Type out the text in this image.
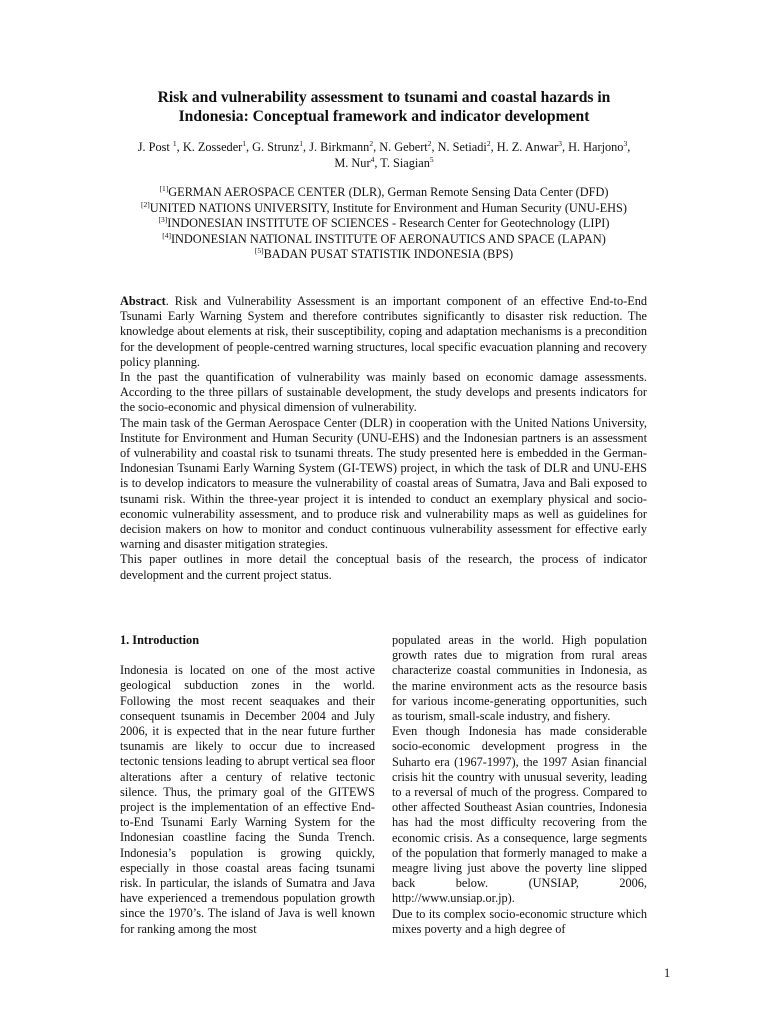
Risk and vulnerability assessment to tsunami and coastal hazards in
Indonesia: Conceptual framework and indicator development
J. Post $^1$, K. Zosseder$^1$, G. Strunz$^1$, J. Birkmann$^2$, N. Gebert$^2$, N. Setiadi$^2$, H. Z. Anwar$^3$, H. Harjono$^3$,
M. Nur$^4$, T. Siagian$^5$
[1]GERMAN AEROSPACE CENTER (DLR), German Remote Sensing Data Center (DFD)
[2]UNITED NATIONS UNIVERSITY, Institute for Environment and Human Security (UNU-EHS)
[3]INDONESIAN INSTITUTE OF SCIENCES - Research Center for Geotechnology (LIPI)
[4]INDONESIAN NATIONAL INSTITUTE OF AERONAUTICS AND SPACE (LAPAN)
[5]BADAN PUSAT STATISTIK INDONESIA (BPS)

Abstract. Risk and Vulnerability Assessment is an important component of an effective End-to-End Tsunami Early Warning System and therefore contributes significantly to disaster risk reduction. The knowledge about elements at risk, their susceptibility, coping and adaptation mechanisms is a precondition for the development of people-centred warning structures, local specific evacuation planning and recovery policy planning.

In the past the quantification of vulnerability was mainly based on economic damage assessments. According to the three pillars of sustainable development, the study develops and presents indicators for the socio-economic and physical dimension of vulnerability.

The main task of the German Aerospace Center (DLR) in cooperation with the United Nations University, Institute for Environment and Human Security (UNU-EHS) and the Indonesian partners is an assessment of vulnerability and coastal risk to tsunami threats. The study presented here is embedded in the German-Indonesian Tsunami Early Warning System (GI-TEWS) project, in which the task of DLR and UNU-EHS is to develop indicators to measure the vulnerability of coastal areas of Sumatra, Java and Bali exposed to tsunami risk. Within the three-year project it is intended to conduct an exemplary physical and socio-economic vulnerability assessment, and to produce risk and vulnerability maps as well as guidelines for decision makers on how to monitor and conduct continuous vulnerability assessment for effective early warning and disaster mitigation strategies.

This paper outlines in more detail the conceptual basis of the research, the process of indicator development and the current project status.

1. Introduction

Indonesia is located on one of the most active geological subduction zones in the world. Following the most recent seaquakes and their consequent tsunamis in December 2004 and July 2006, it is expected that in the near future further tsunamis are likely to occur due to increased tectonic tensions leading to abrupt vertical sea floor alterations after a century of relative tectonic silence. Thus, the primary goal of the GITEWS project is the implementation of an effective End-to-End Tsunami Early Warning System for the Indonesian coastline facing the Sunda Trench. Indonesia’s population is growing quickly, especially in those coastal areas facing tsunami risk. In particular, the islands of Sumatra and Java have experienced a tremendous population growth since the 1970’s. The island of Java is well known for ranking among the most

populated areas in the world. High population growth rates due to migration from rural areas characterize coastal communities in Indonesia, as the marine environment acts as the resource basis for various income-generating opportunities, such as tourism, small-scale industry, and fishery.

Even though Indonesia has made considerable socio-economic development progress in the Suharto era (1967-1997), the 1997 Asian financial crisis hit the country with unusual severity, leading to a reversal of much of the progress. Compared to other affected Southeast Asian countries, Indonesia has had the most difficulty recovering from the economic crisis. As a consequence, large segments of the population that formerly managed to make a meagre living just above the poverty line slipped back below. (UNSIAP, 2006, http://www.unsiap.or.jp).

Due to its complex socio-economic structure which mixes poverty and a high degree of

1
